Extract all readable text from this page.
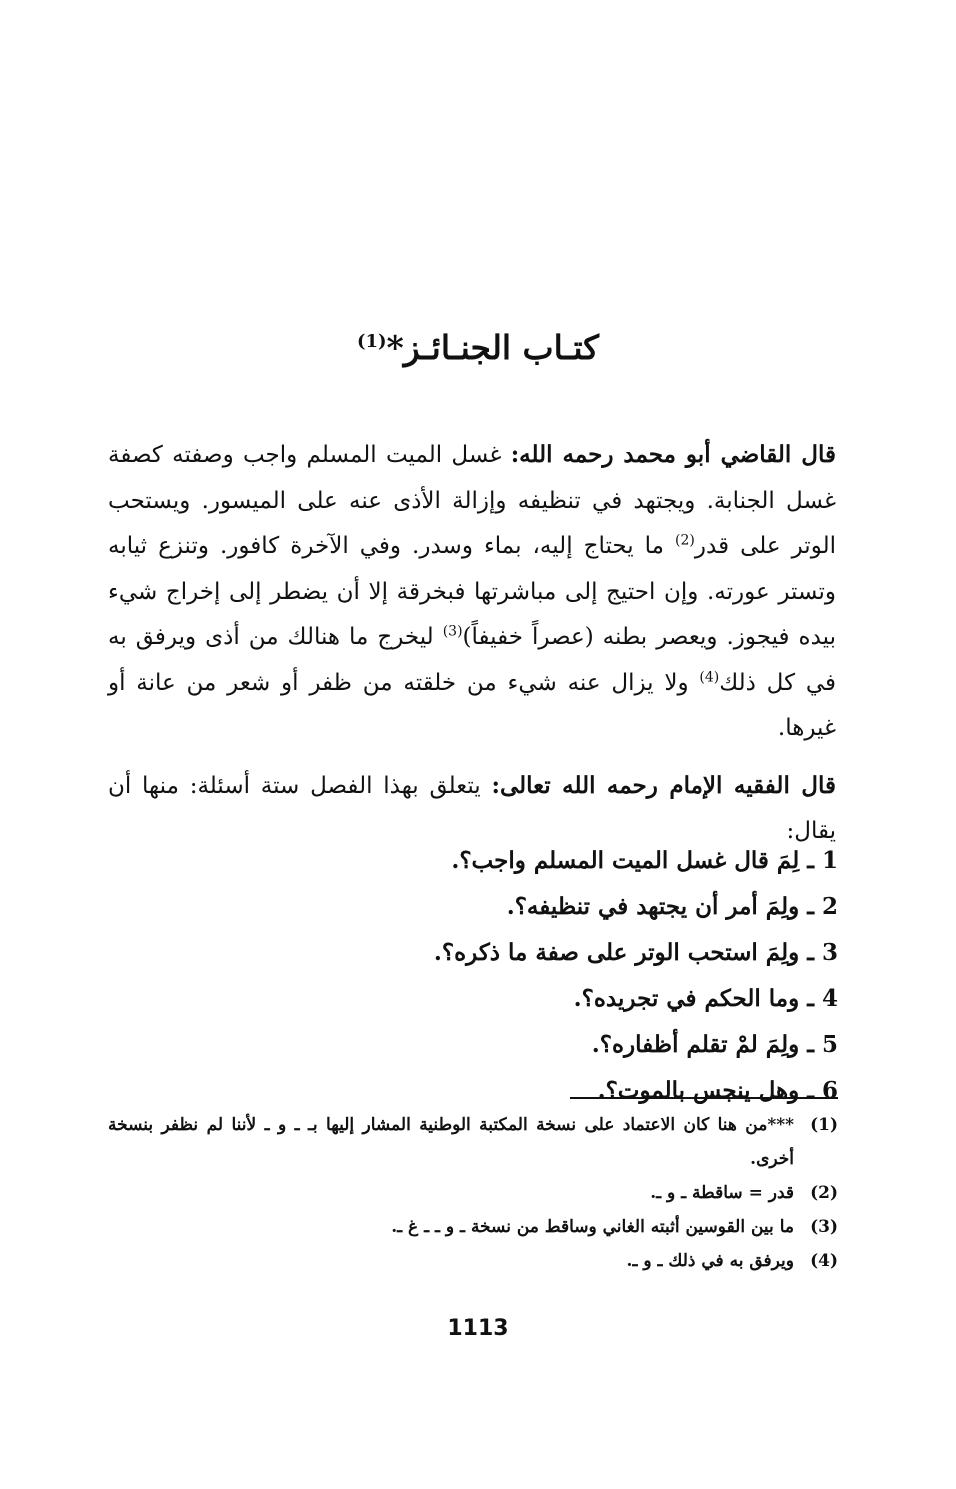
كتـاب الجنـائـز*$^{(1)}$

قال القاضي أبو محمد رحمه الله: غسل الميت المسلم واجب وصفته كصفة غسل الجنابة. ويجتهد في تنظيفه وإزالة الأذى عنه على الميسور. ويستحب الوتر على قدر$^{(2)}$ ما يحتاج إليه، بماء وسدر. وفي الآخرة كافور. وتنزع ثيابه وتستر عورته. وإن احتيج إلى مباشرتها فبخرقة إلا أن يضطر إلى إخراج شيء بيده فيجوز. ويعصر بطنه (عصراً خفيفاً)$^{(3)}$ ليخرج ما هنالك من أذى ويرفق به في كل ذلك$^{(4)}$ ولا يزال عنه شيء من خلقته من ظفر أو شعر من عانة أو غيرها.

قال الفقيه الإمام رحمه الله تعالى: يتعلق بهذا الفصل ستة أسئلة: منها أن يقال:

1 ـ لِمَ قال غسل الميت المسلم واجب؟.
2 ـ ولِمَ أمر أن يجتهد في تنظيفه؟.
3 ـ ولِمَ استحب الوتر على صفة ما ذكره؟.
4 ـ وما الحكم في تجريده؟.
5 ـ ولِمَ لمْ تقلم أظفاره؟.
6 ـ وهل ينجس بالموت؟.
(1)
***من هنا كان الاعتماد على نسخة المكتبة الوطنية المشار إليها بـ ـ و ـ لأننا لم نظفر بنسخة أخرى.
(2)
قدر = ساقطة ـ و ـ.
(3)
ما بين القوسين أثبته الغاني وساقط من نسخة ـ و ـ ـ غ ـ.
(4)
ويرفق به في ذلك ـ و ـ.
1113
